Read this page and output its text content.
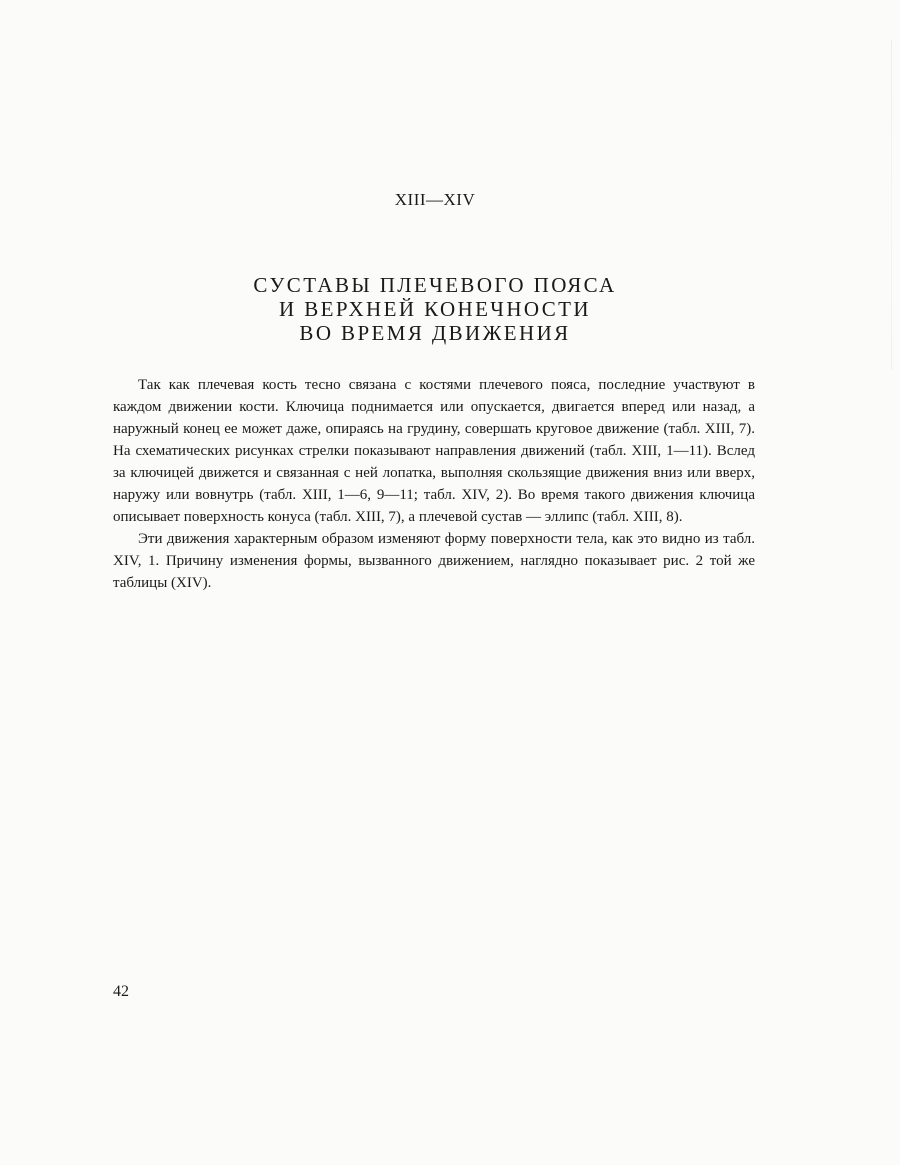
XIII—XIV
СУСТАВЫ ПЛЕЧЕВОГО ПОЯСА
И ВЕРХНЕЙ КОНЕЧНОСТИ
ВО ВРЕМЯ ДВИЖЕНИЯ

Так как плечевая кость тесно связана с костями плечевого пояса, последние участвуют в каждом движении кости. Ключица поднимается или опускается, двигается вперед или назад, а наружный конец ее может даже, опираясь на грудину, совершать круговое движение (табл. XIII, 7). На схематических рисунках стрелки показывают направления движений (табл. XIII, 1—11). Вслед за ключицей движется и связанная с ней лопатка, выполняя скользящие движения вниз или вверх, наружу или вовнутрь (табл. XIII, 1—6, 9—11; табл. XIV, 2). Во время такого движения ключица описывает поверхность конуса (табл. XIII, 7), а плечевой сустав — эллипс (табл. XIII, 8).

Эти движения характерным образом изменяют форму поверхности тела, как это видно из табл. XIV, 1. Причину изменения формы, вызванного движением, наглядно показывает рис. 2 той же таблицы (XIV).

42
